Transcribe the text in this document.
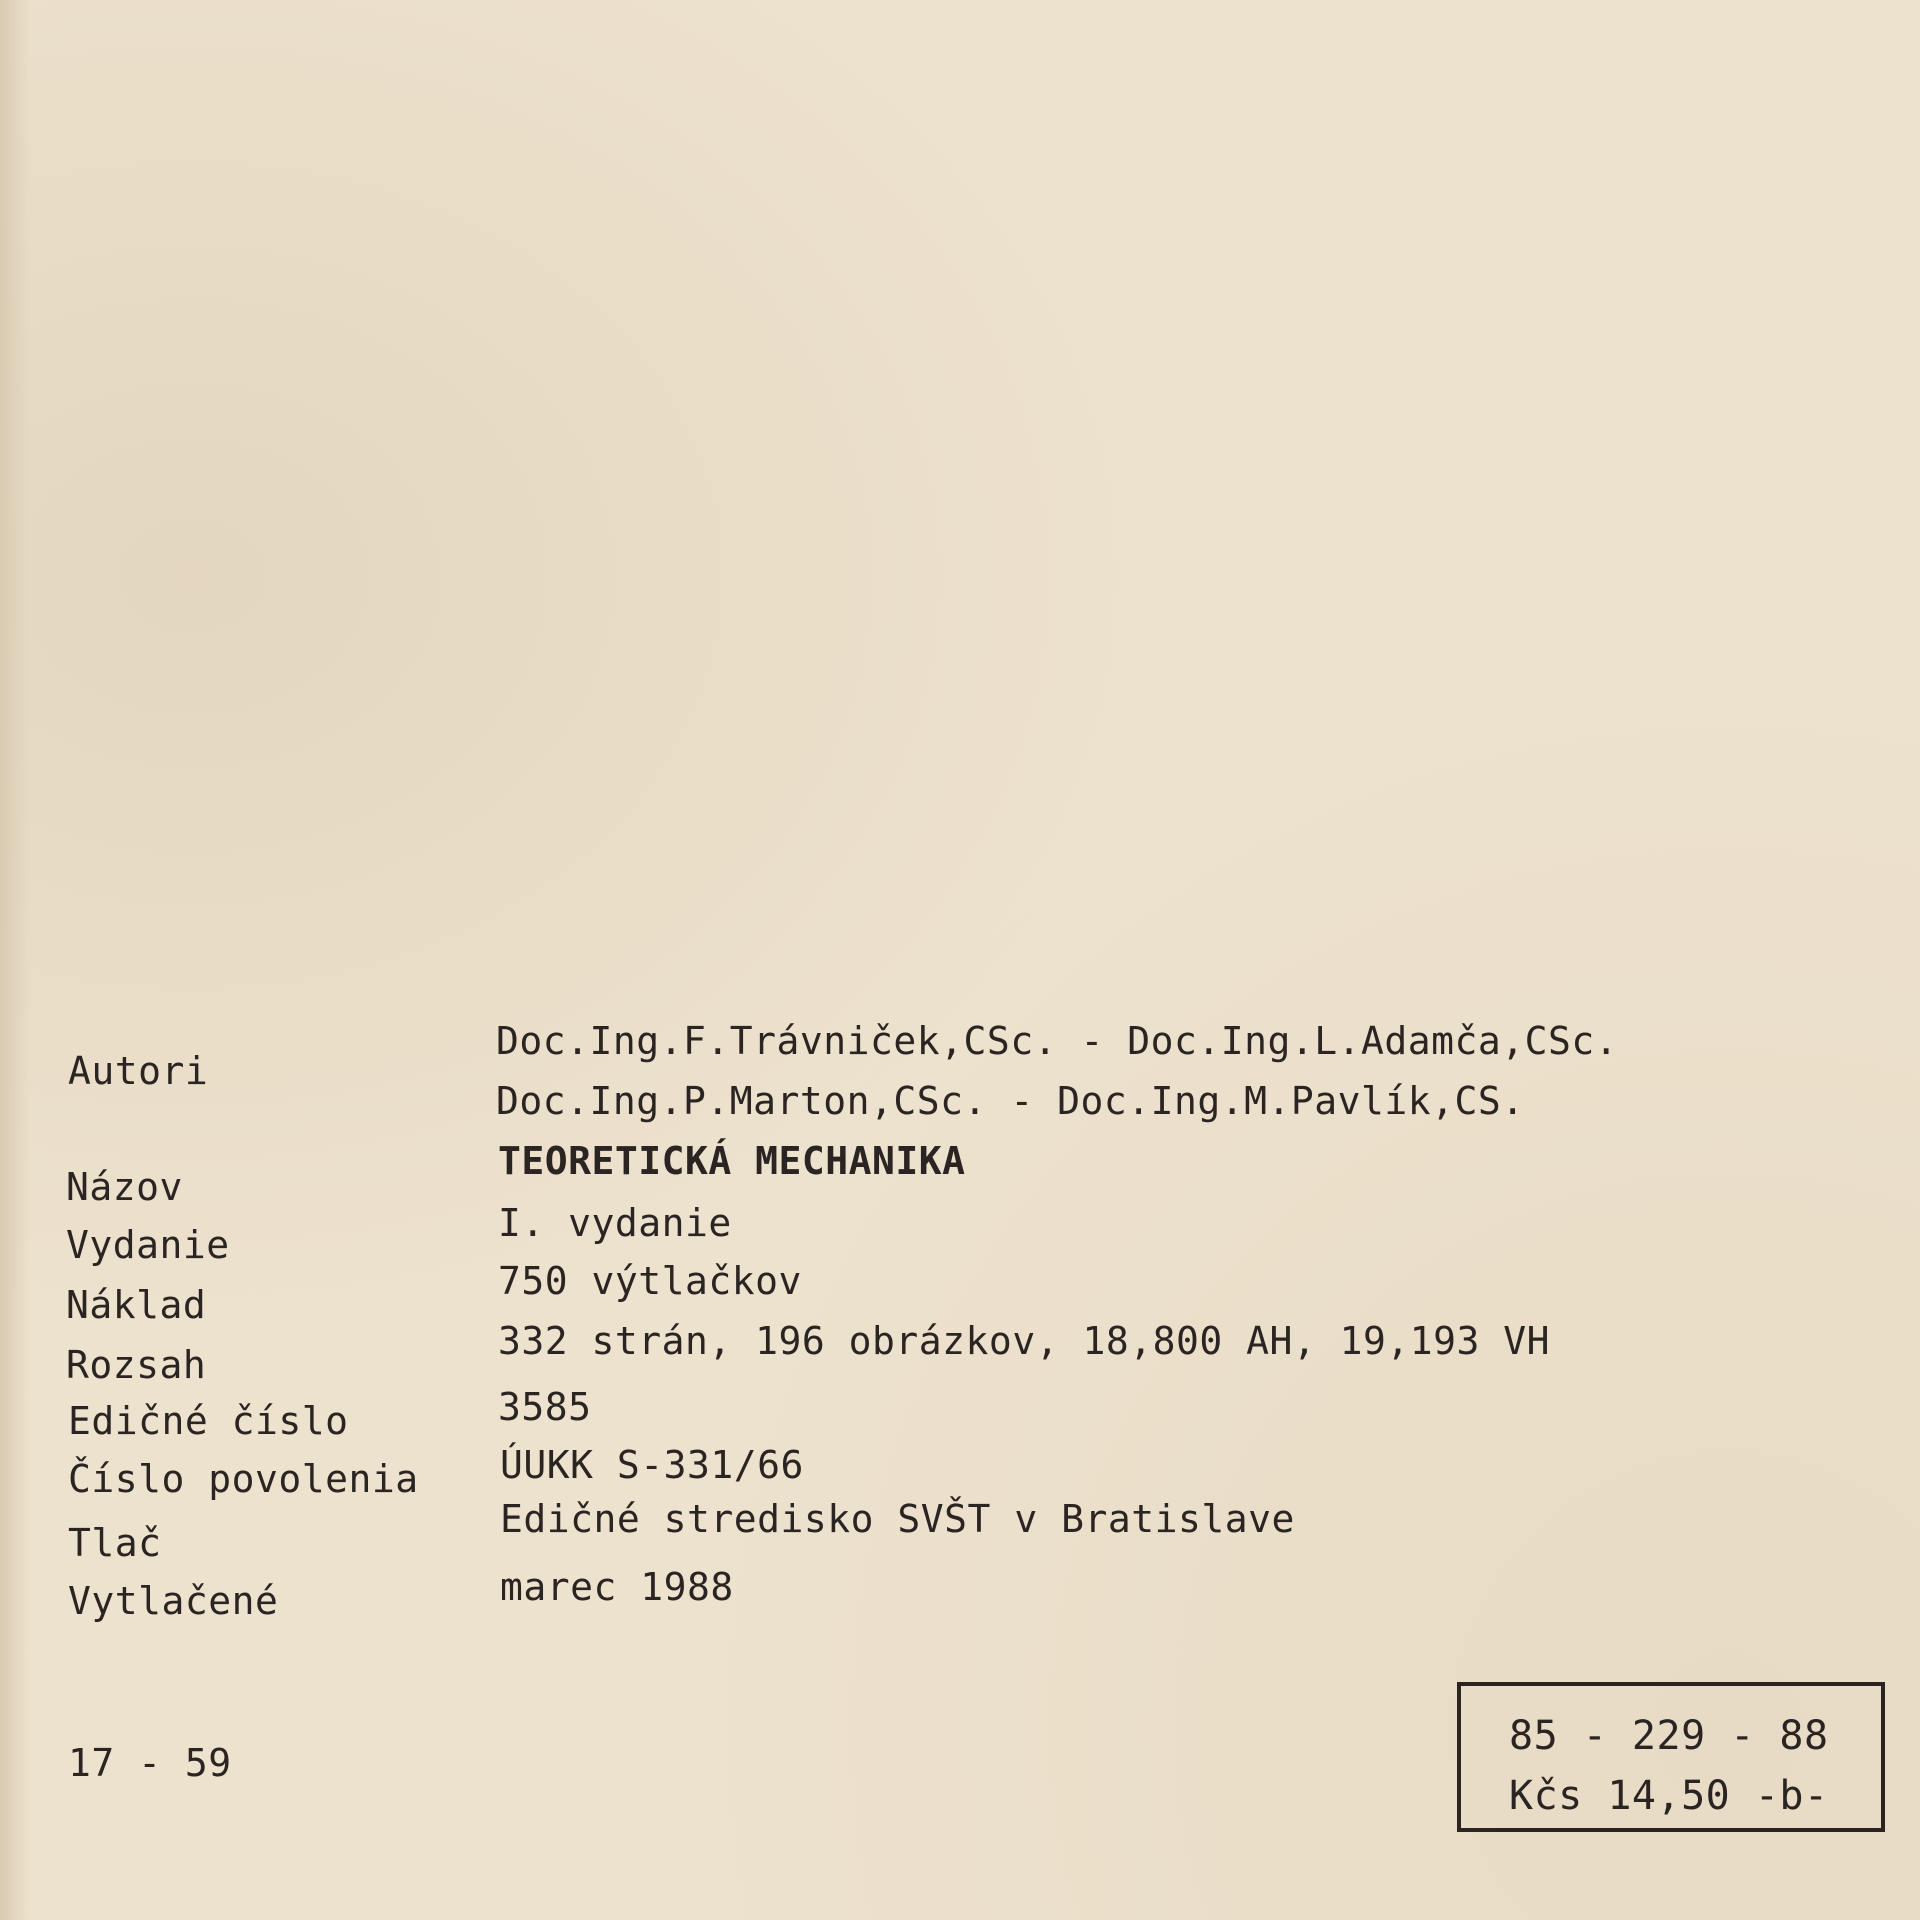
Autori
Názov
Vydanie
Náklad
Rozsah
Edičné číslo
Číslo povolenia
Tlač
Vytlačené
Doc.Ing.F.Trávniček,CSc. - Doc.Ing.L.Adamča,CSc.
Doc.Ing.P.Marton,CSc. - Doc.Ing.M.Pavlík,CS.
TEORETICKÁ MECHANIKA
I. vydanie
750 výtlačkov
332 strán, 196 obrázkov, 18,800 AH, 19,193 VH
3585
ÚUKK S-331/66
Edičné stredisko SVŠT v Bratislave
marec 1988
17 - 59
85 - 229 - 88
Kčs 14,50 -b-
